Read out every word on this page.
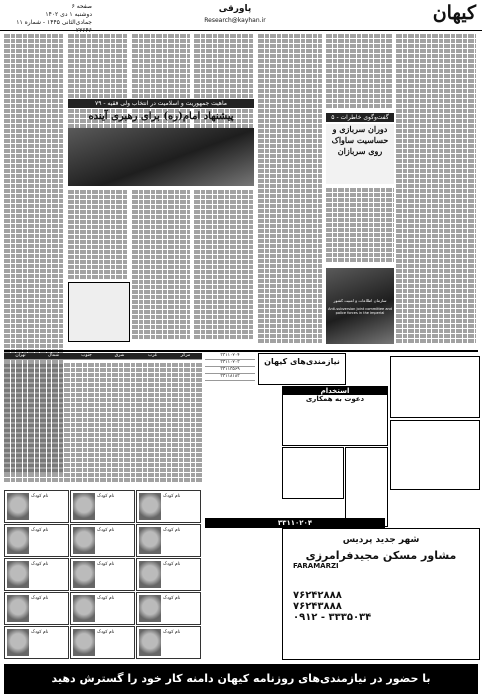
کیهان
پاورقی
Research@kayhan.ir
صفحه ۶
دوشنبه ۱ دی ۱۴۰۲
۱۱ جمادی‌الثانی ۱۴۴۵ - شماره ۲۳۶۴۶
ماهیت جمهوریت و اسلامیت در انتخاب ولی فقیه - ۷۹
پیشنهاد امام(ره) برای رهبری آینده	گفت‌وگوی خاطرات - ۵
دوران سربازی و حساسیت ساواک روی سربازان
سازمان اطلاعات و امنیت کشور
Anti-subversion joint committee and police forces in the imperial
نیازمندی‌های کیهان
۳۳۱۱۰۲۰۴
۳۳۱۱۰۲۰۳
۳۳۱۱۳۵۶۹
۳۳۱۱۸۱۸۳
تهران	شمال	جنوب	شرق	غرب	مرکز
استخدام
دعوت به همکاری
۳۳۱۱۰۲۰۴
نام کودک	نام کودک	نام کودک
نام کودک	نام کودک	نام کودک
نام کودک	نام کودک	نام کودک
نام کودک	نام کودک	نام کودک
نام کودک	نام کودک	نام کودک
شهر جدید پردیس
مشاور مسکن مجیدفرامرزی
FARAMARZI
۷۶۲۴۲۸۸۸
۷۶۲۴۳۸۸۸
۰۹۱۲ - ۳۳۳۵۰۳۴
با حضور در نیازمندی‌های روزنامه کیهان دامنه کار خود را گسترش دهید
